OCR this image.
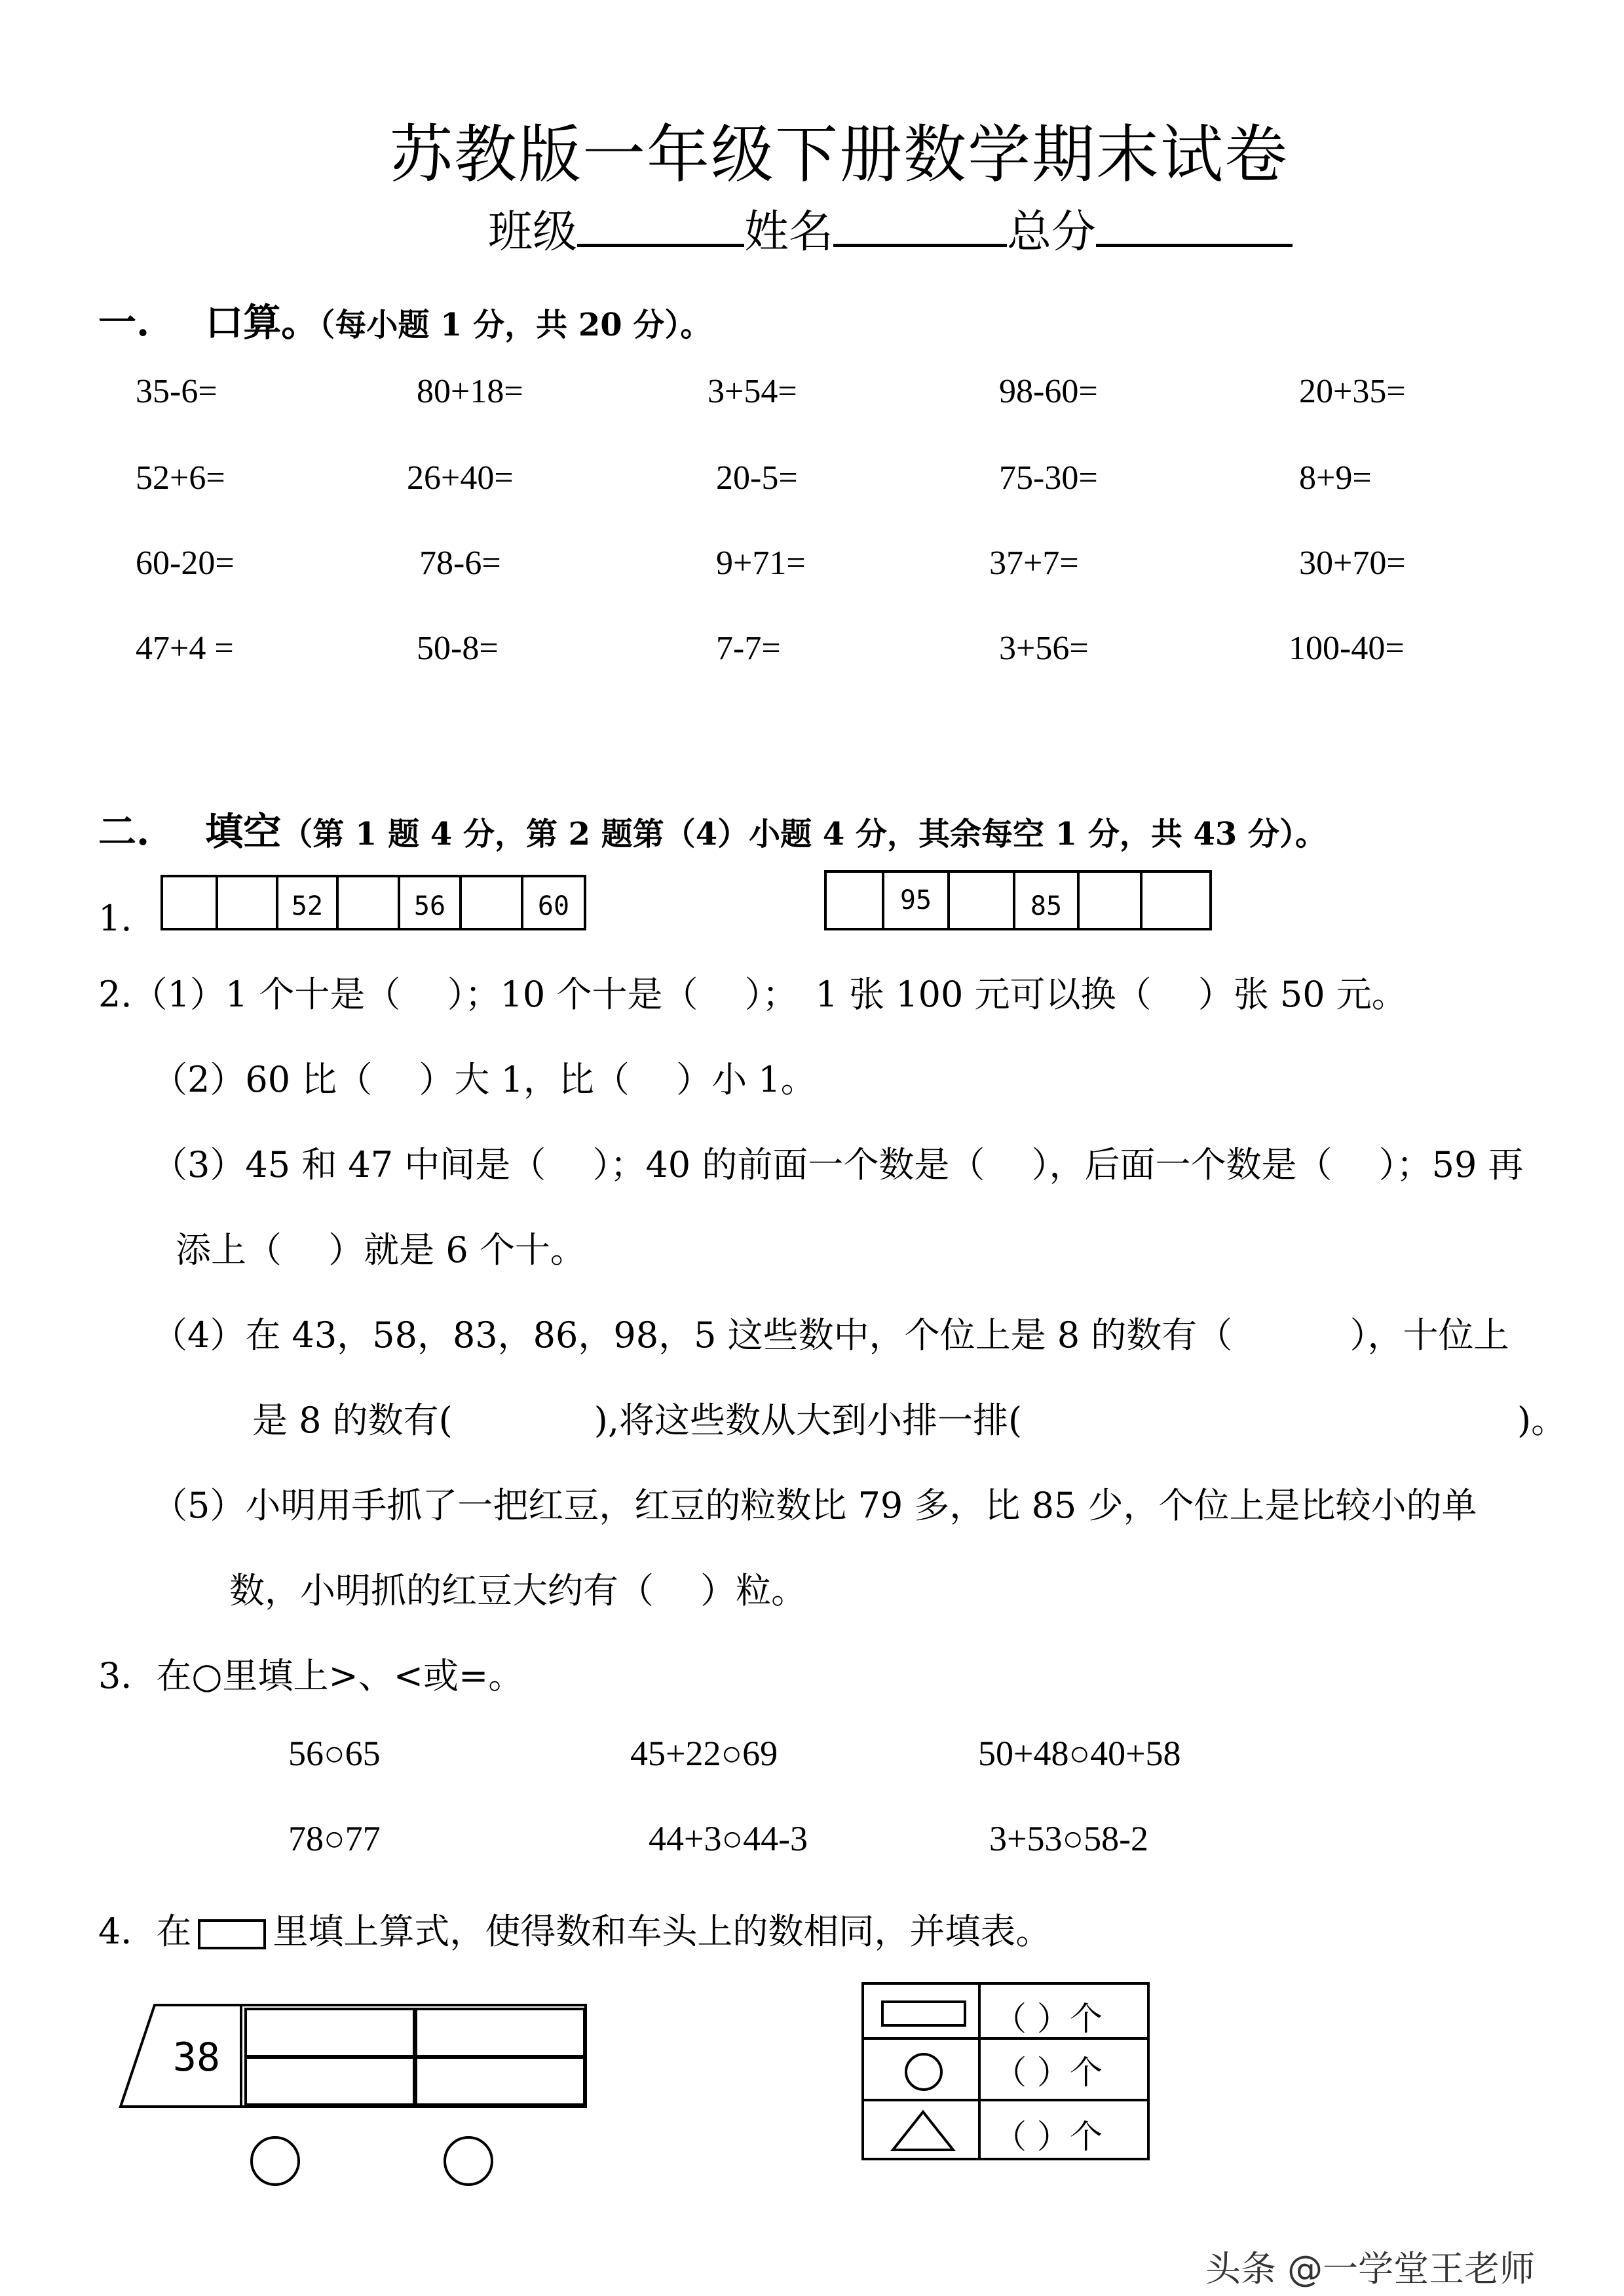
苏教版一年级下册数学期末试卷
班级	姓名	总分
一. 口算。（每小题 1 分，共 20 分）。
35-6=	80+18=	3+54=	98-60=	20+35=
52+6=	26+40=	20-5=	75-30=	8+9=
60-20=	78-6=	9+71=	37+7=	30+70=
47+4 =	50-8=	7-7=	3+56=	100-40=
二. 填空（第 1 题 4 分，第 2 题第（4）小题 4 分，其余每空 1 分，共 43 分）。
1.	52	56	60	95	85
2.（1）1 个十是（　 ）；10 个十是（　 ）；　1 张 100 元可以换（　 ）张 50 元。
（2）60 比（　 ）大 1，比（　 ）小 1。
（3）45 和 47 中间是（　 ）；40 的前面一个数是（　 ），后面一个数是（　 ）；59 再
添上（　 ）就是 6 个十。
（4）在 43，58，83，86，98，5 这些数中，个位上是 8 的数有（　　　 ），十位上
是 8 的数有(　　　　),将这些数从大到小排一排(　　　　　　　　　　　　　　)。
（5）小明用手抓了一把红豆，红豆的粒数比 79 多，比 85 少，个位上是比较小的单
数，小明抓的红豆大约有（　 ）粒。
3．在○里填上>、<或=。
56○65	45+22○69	50+48○40+58
78○77	44+3○44-3	3+53○58-2
4．在 里填上算式，使得数和车头上的数相同，并填表。
38
（ ）个
（ ）个
（ ）个
头条 @一学堂王老师
